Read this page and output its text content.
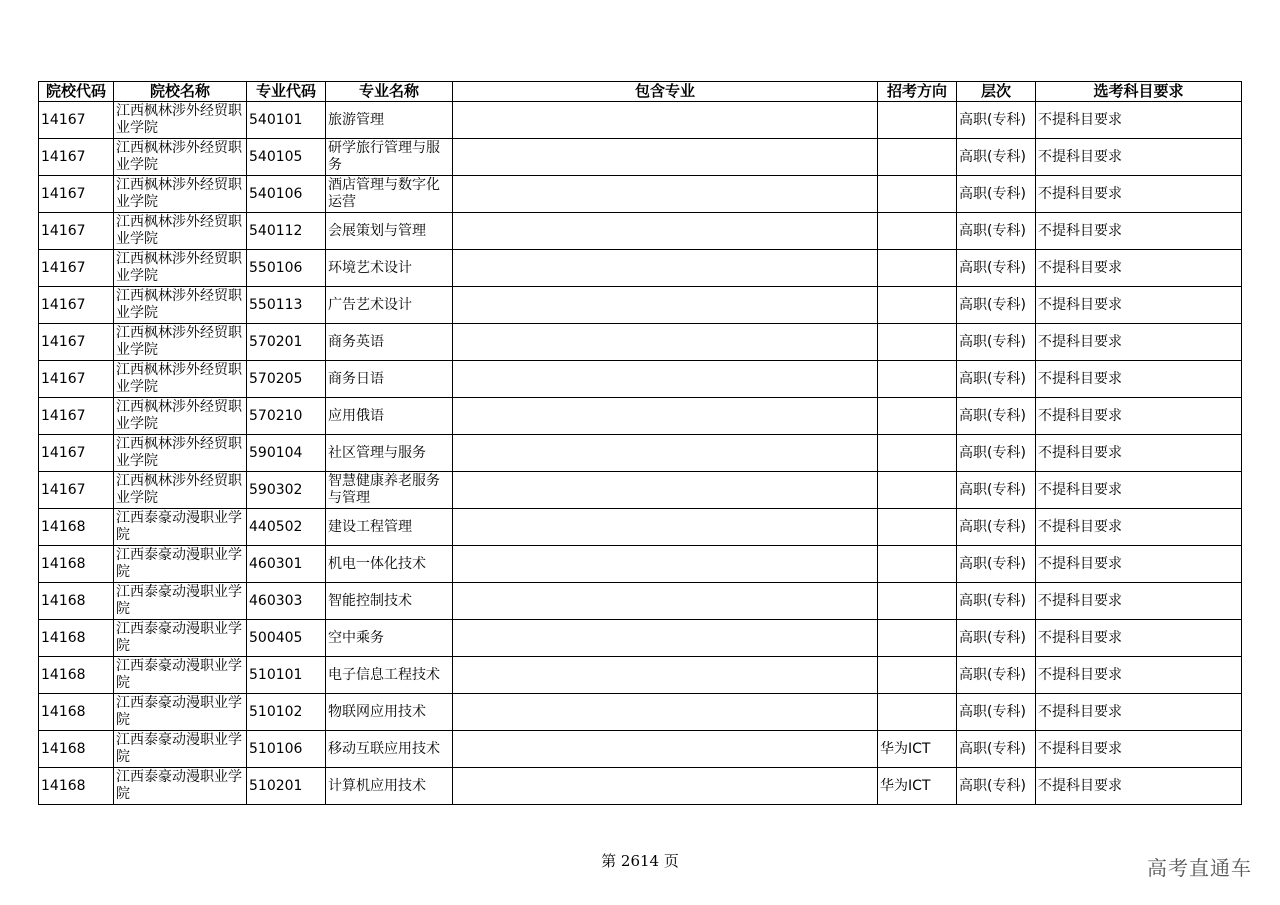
院校代码	院校名称	专业代码	专业名称	包含专业	招考方向	层次	选考科目要求
14167	江西枫林涉外经贸职业学院	540101	旅游管理			高职(专科)	不提科目要求
14167	江西枫林涉外经贸职业学院	540105	研学旅行管理与服务			高职(专科)	不提科目要求
14167	江西枫林涉外经贸职业学院	540106	酒店管理与数字化运营			高职(专科)	不提科目要求
14167	江西枫林涉外经贸职业学院	540112	会展策划与管理			高职(专科)	不提科目要求
14167	江西枫林涉外经贸职业学院	550106	环境艺术设计			高职(专科)	不提科目要求
14167	江西枫林涉外经贸职业学院	550113	广告艺术设计			高职(专科)	不提科目要求
14167	江西枫林涉外经贸职业学院	570201	商务英语			高职(专科)	不提科目要求
14167	江西枫林涉外经贸职业学院	570205	商务日语			高职(专科)	不提科目要求
14167	江西枫林涉外经贸职业学院	570210	应用俄语			高职(专科)	不提科目要求
14167	江西枫林涉外经贸职业学院	590104	社区管理与服务			高职(专科)	不提科目要求
14167	江西枫林涉外经贸职业学院	590302	智慧健康养老服务与管理			高职(专科)	不提科目要求
14168	江西泰豪动漫职业学院	440502	建设工程管理			高职(专科)	不提科目要求
14168	江西泰豪动漫职业学院	460301	机电一体化技术			高职(专科)	不提科目要求
14168	江西泰豪动漫职业学院	460303	智能控制技术			高职(专科)	不提科目要求
14168	江西泰豪动漫职业学院	500405	空中乘务			高职(专科)	不提科目要求
14168	江西泰豪动漫职业学院	510101	电子信息工程技术			高职(专科)	不提科目要求
14168	江西泰豪动漫职业学院	510102	物联网应用技术			高职(专科)	不提科目要求
14168	江西泰豪动漫职业学院	510106	移动互联应用技术		华为ICT	高职(专科)	不提科目要求
14168	江西泰豪动漫职业学院	510201	计算机应用技术		华为ICT	高职(专科)	不提科目要求
第 2614 页	高考直通车
